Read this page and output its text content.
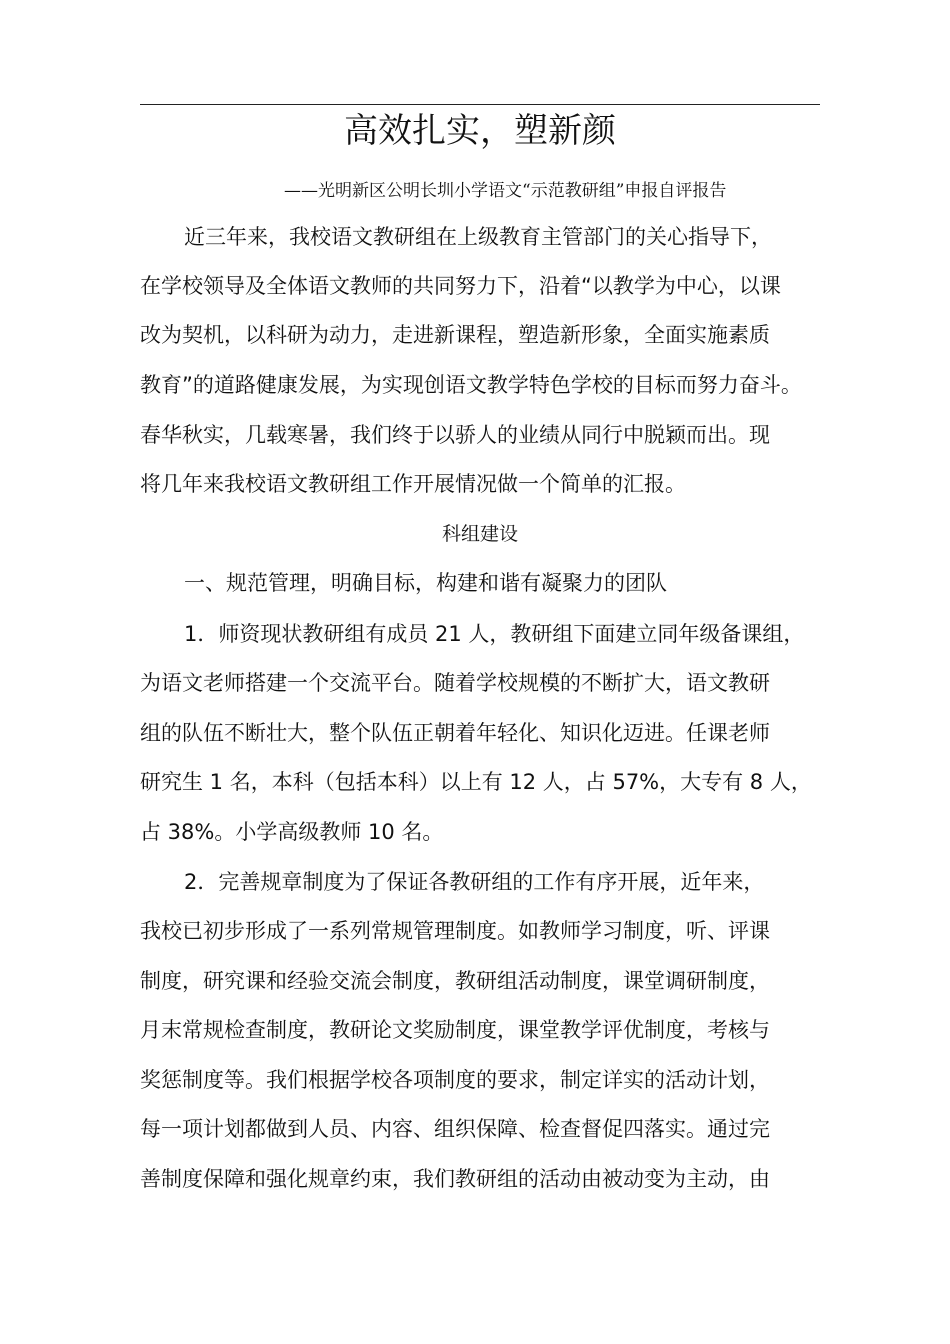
高效扎实，塑新颜
——光明新区公明长圳小学语文“示范教研组”申报自评报告
近三年来，我校语文教研组在上级教育主管部门的关心指导下，
在学校领导及全体语文教师的共同努力下，沿着“以教学为中心，以课
改为契机，以科研为动力，走进新课程，塑造新形象，全面实施素质
教育”的道路健康发展，为实现创语文教学特色学校的目标而努力奋斗。
春华秋实，几载寒暑，我们终于以骄人的业绩从同行中脱颖而出。现
将几年来我校语文教研组工作开展情况做一个简单的汇报。
科组建设
一、规范管理，明确目标，构建和谐有凝聚力的团队
1．师资现状教研组有成员 21 人，教研组下面建立同年级备课组，
为语文老师搭建一个交流平台。随着学校规模的不断扩大，语文教研
组的队伍不断壮大，整个队伍正朝着年轻化、知识化迈进。任课老师
研究生 1 名，本科（包括本科）以上有 12 人，占 57%，大专有 8 人，
占 38%。小学高级教师 10 名。
2．完善规章制度为了保证各教研组的工作有序开展，近年来，
我校已初步形成了一系列常规管理制度。如教师学习制度，听、评课
制度，研究课和经验交流会制度，教研组活动制度，课堂调研制度，
月末常规检查制度，教研论文奖励制度，课堂教学评优制度，考核与
奖惩制度等。我们根据学校各项制度的要求，制定详实的活动计划，
每一项计划都做到人员、内容、组织保障、检查督促四落实。通过完
善制度保障和强化规章约束，我们教研组的活动由被动变为主动，由
